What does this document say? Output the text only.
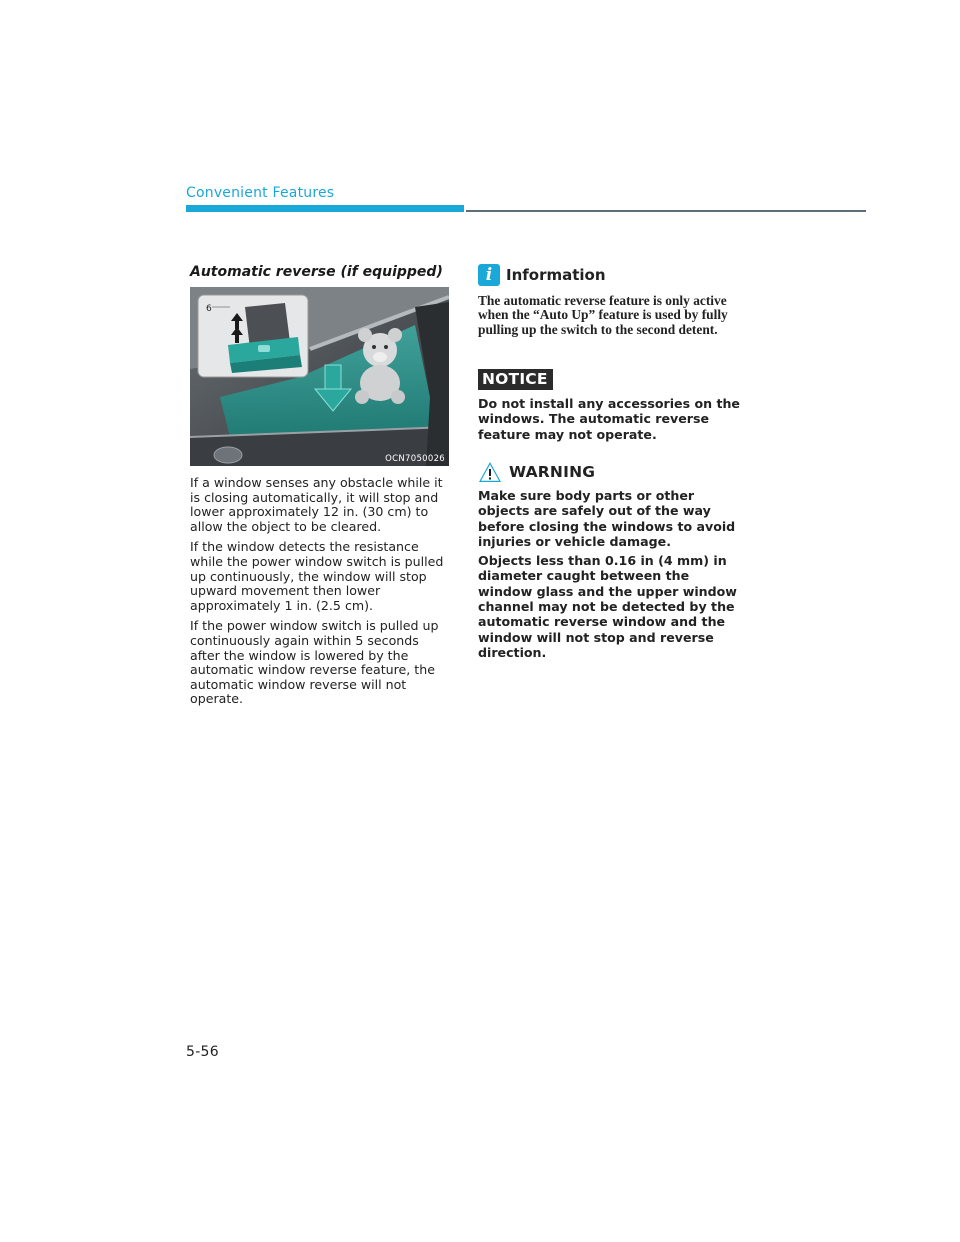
Convenient Features
Automatic reverse (if equipped)
6
OCN7050026

If a window senses any obstacle while it is closing automatically, it will stop and lower approximately 12 in. (30 cm) to allow the object to be cleared.

If the window detects the resistance while the power window switch is pulled up continuously, the window will stop upward movement then lower approximately 1 in. (2.5 cm).

If the power window switch is pulled up continuously again within 5 seconds after the window is lowered by the automatic window reverse feature, the automatic window reverse will not operate.

i Information
The automatic reverse feature is only active when the “Auto Up” feature is used by fully pulling up the switch to the second detent.
NOTICE
Do not install any accessories on the windows. The automatic reverse feature may not operate.
WARNING

Make sure body parts or other objects are safely out of the way before closing the windows to avoid injuries or vehicle damage.

Objects less than 0.16 in (4 mm) in diameter caught between the window glass and the upper window channel may not be detected by the automatic reverse window and the window will not stop and reverse direction.

5-56
